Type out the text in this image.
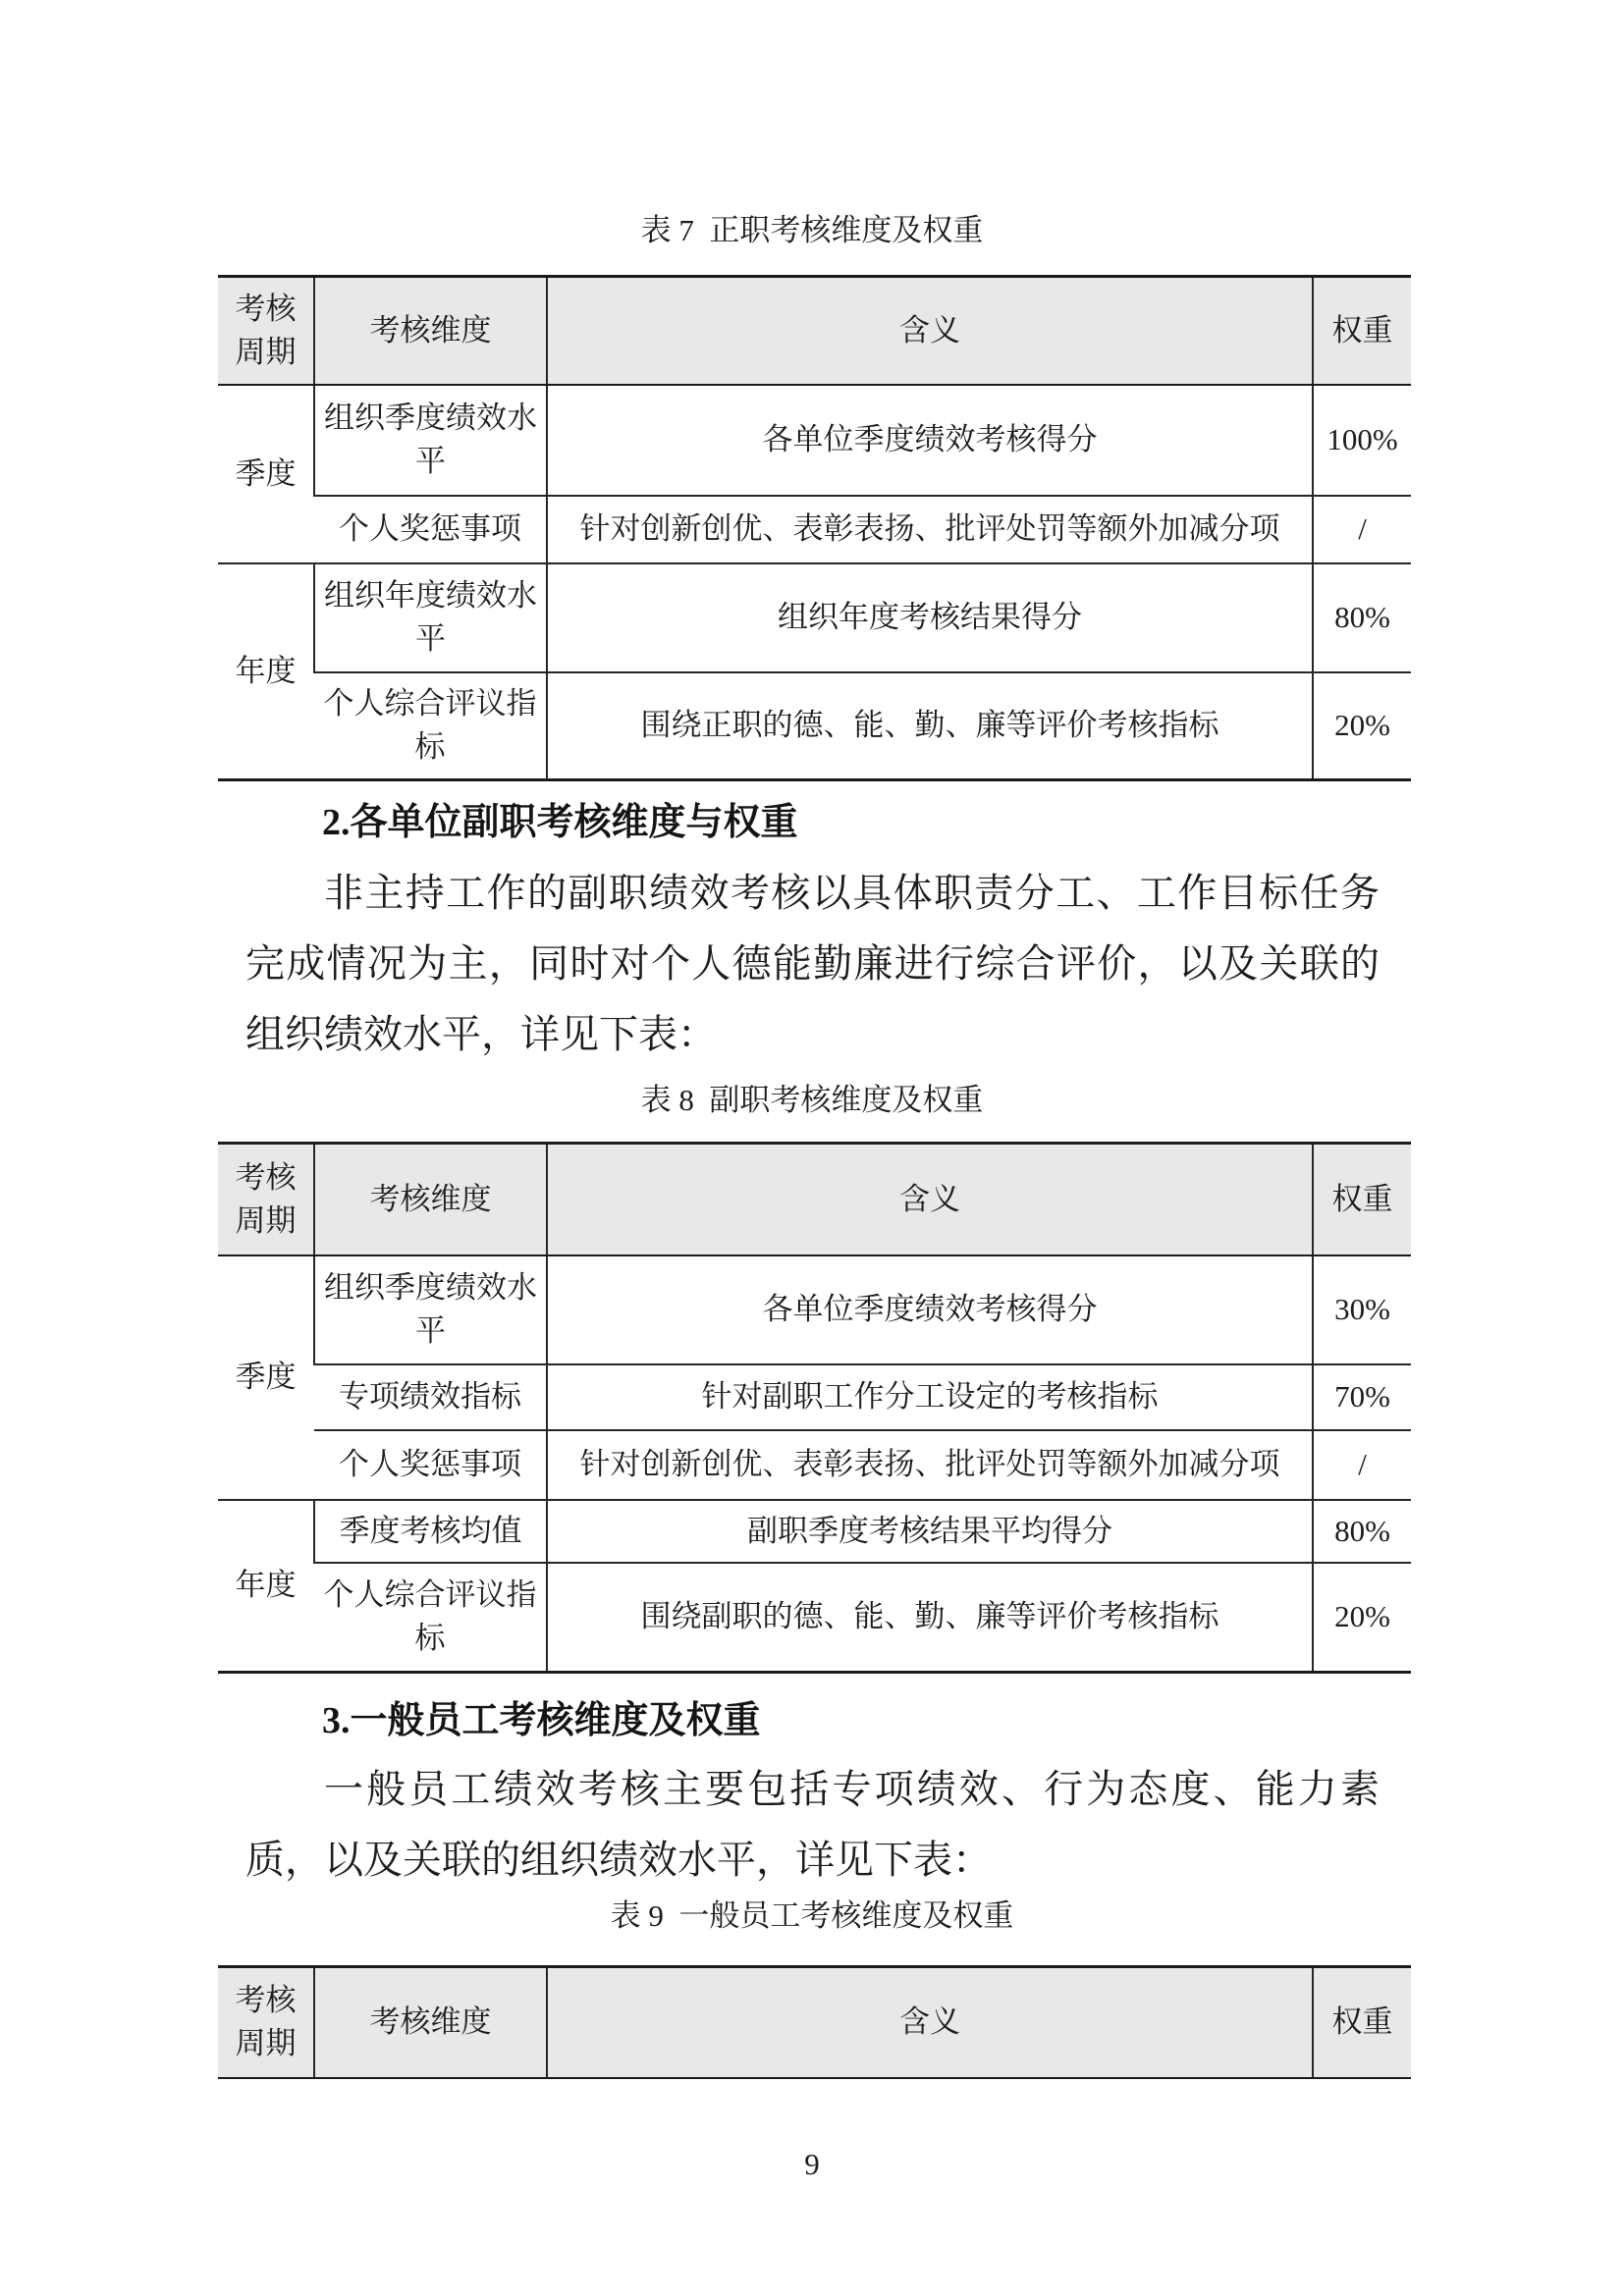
表 7  正职考核维度及权重
考核周期	考核维度	含义	权重
季度	组织季度绩效水平	各单位季度绩效考核得分	100%
	个人奖惩事项	针对创新创优、表彰表扬、批评处罚等额外加减分项	/
年度	组织年度绩效水平	组织年度考核结果得分	80%
	个人综合评议指标	围绕正职的德、能、勤、廉等评价考核指标	20%
2.各单位副职考核维度与权重
非主持工作的副职绩效考核以具体职责分工、工作目标任务完成情况为主，同时对个人德能勤廉进行综合评价，以及关联的组织绩效水平，详见下表：
表 8  副职考核维度及权重
考核周期	考核维度	含义	权重
季度	组织季度绩效水平	各单位季度绩效考核得分	30%
	专项绩效指标	针对副职工作分工设定的考核指标	70%
	个人奖惩事项	针对创新创优、表彰表扬、批评处罚等额外加减分项	/
年度	季度考核均值	副职季度考核结果平均得分	80%
	个人综合评议指标	围绕副职的德、能、勤、廉等评价考核指标	20%
3.一般员工考核维度及权重
一般员工绩效考核主要包括专项绩效、行为态度、能力素质，以及关联的组织绩效水平，详见下表：
表 9  一般员工考核维度及权重
考核周期	考核维度	含义	权重
9
